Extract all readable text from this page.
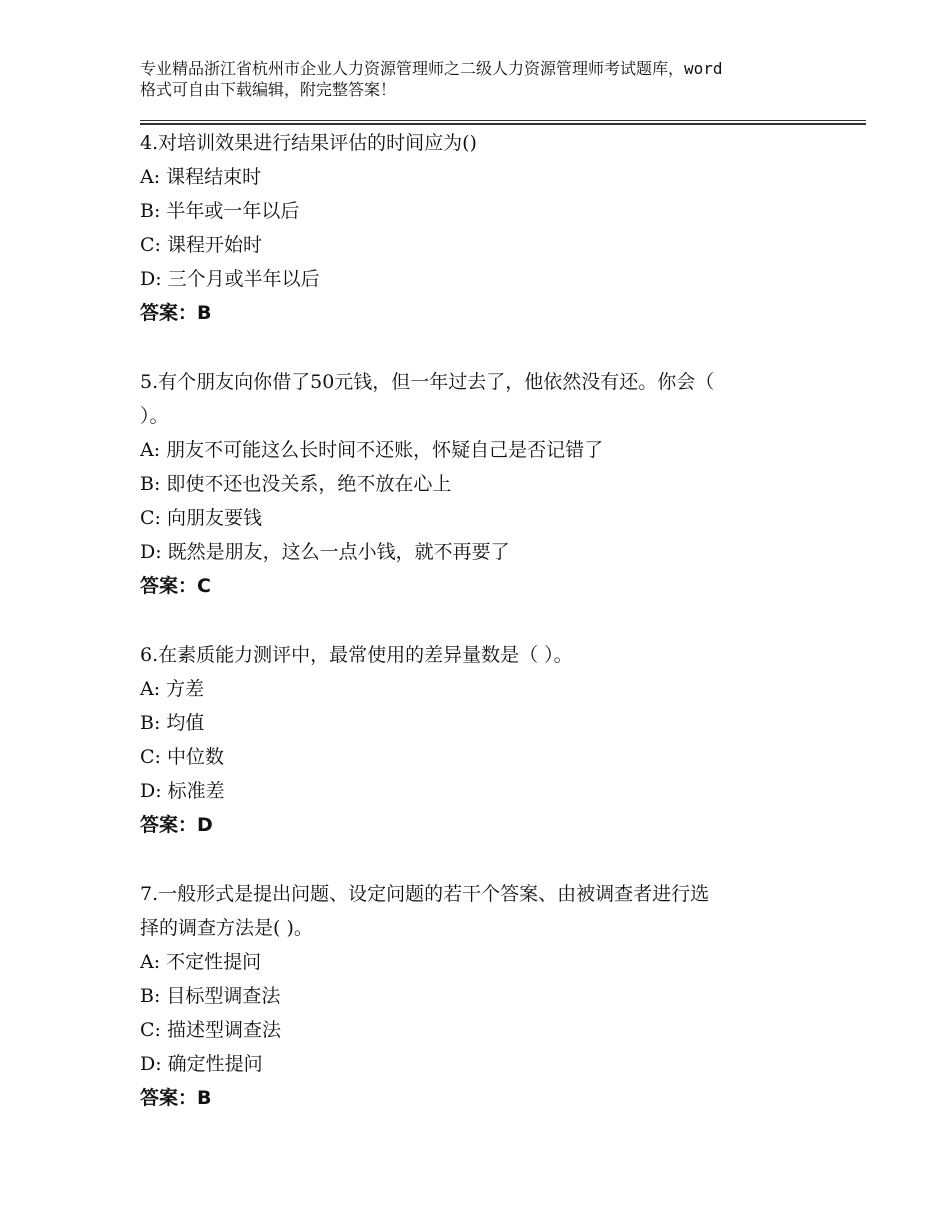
专业精品浙江省杭州市企业人力资源管理师之二级人力资源管理师考试题库，word
格式可自由下载编辑，附完整答案！

4.对培训效果进行结果评估的时间应为()

A: 课程结束时

B: 半年或一年以后

C: 课程开始时

D: 三个月或半年以后

答案：B

5.有个朋友向你借了50元钱，但一年过去了，他依然没有还。你会（
）。

A: 朋友不可能这么长时间不还账，怀疑自己是否记错了

B: 即使不还也没关系，绝不放在心上

C: 向朋友要钱

D: 既然是朋友，这么一点小钱，就不再要了

答案：C

6.在素质能力测评中，最常使用的差异量数是（ ）。

A: 方差

B: 均值

C: 中位数

D: 标准差

答案：D

7.一般形式是提出问题、设定问题的若干个答案、由被调查者进行选
择的调查方法是( )。

A: 不定性提问

B: 目标型调查法

C: 描述型调查法

D: 确定性提问

答案：B
